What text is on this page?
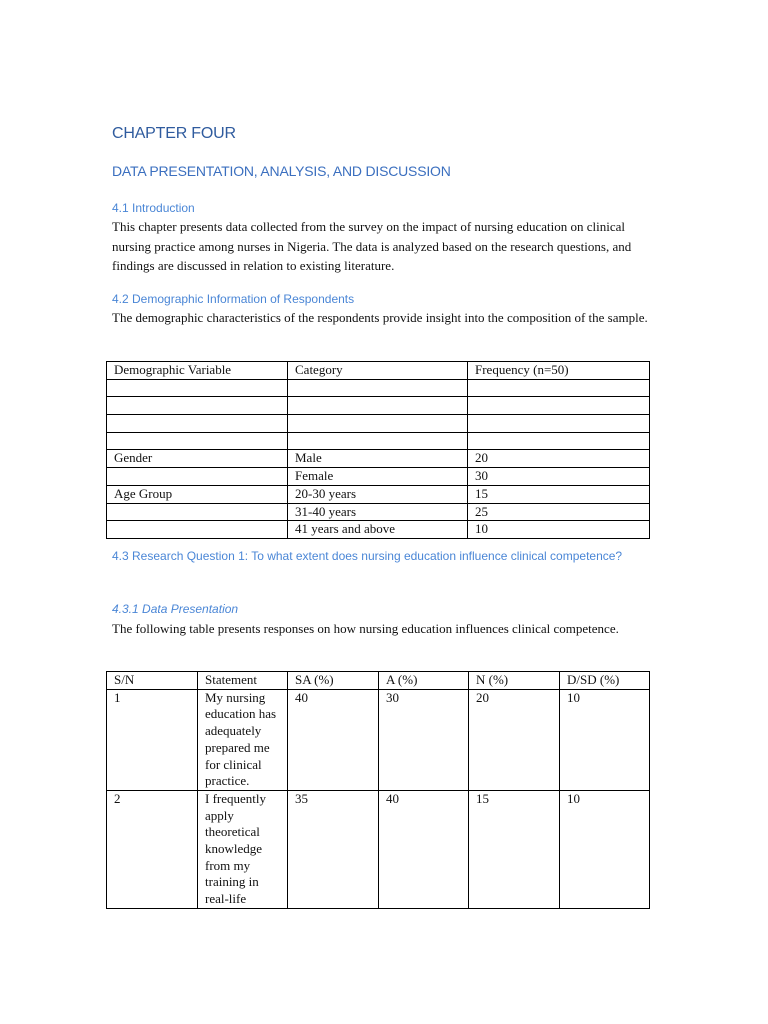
CHAPTER FOUR
DATA PRESENTATION, ANALYSIS, AND DISCUSSION
4.1 Introduction

This chapter presents data collected from the survey on the impact of nursing education on clinical nursing practice among nurses in Nigeria. The data is analyzed based on the research questions, and findings are discussed in relation to existing literature.

4.2 Demographic Information of Respondents

The demographic characteristics of the respondents provide insight into the composition of the sample.

Demographic Variable	Category	Frequency (n=50)

Gender	Male	20
	Female	30
Age Group	20-30 years	15
	31-40 years	25
	41 years and above	10
4.3 Research Question 1: To what extent does nursing education influence clinical competence?
4.3.1 Data Presentation

The following table presents responses on how nursing education influences clinical competence.

S/N	Statement	SA (%)	A (%)	N (%)	D/SD (%)
1	My nursing education has adequately prepared me for clinical practice.	40	30	20	10
2	I frequently apply theoretical knowledge from my training in real-life	35	40	15	10
